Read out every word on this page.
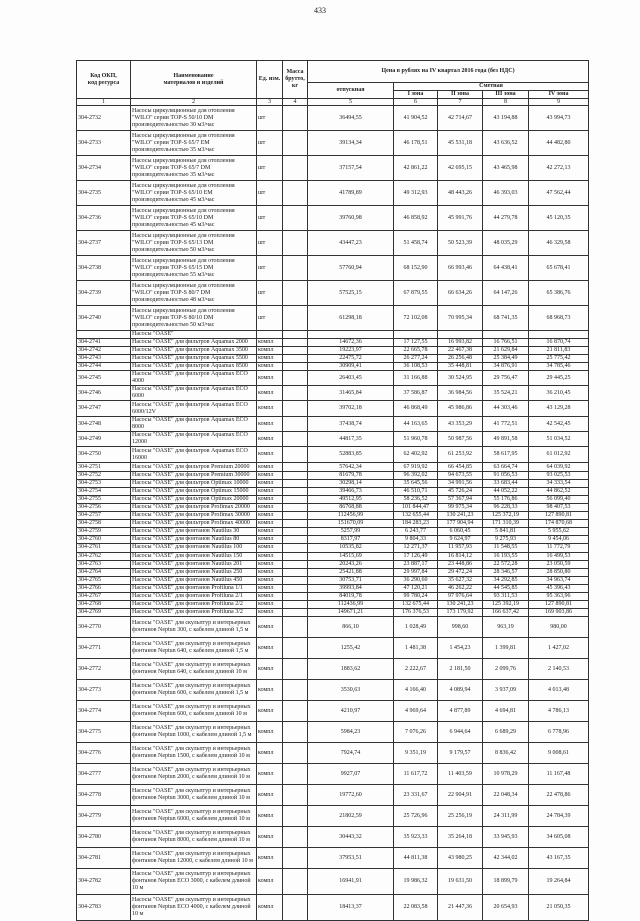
433
Код ОКП,
код ресурса	Наименование
материалов и изделий	Ед. изм.	Масса брутто, кг	Цена в рублях на IV квартал 2016 года (без НДС)				
				отпускная	Сметная			
					I зона	II зона	III зона	IV зона
1	2	3	4	5	6	7	8	9
304-2732	Насосы циркуляционные для отопления "WILO" серии TOP-S 50/10 DM производительностью 30 м3/час	шт		36494,55	41 904,52	42 714,67	43 194,88	43 994,73
304-2733	Насосы циркуляционные для отопления "WILO" серии TOP-S 65/7 EM производительностью 35 м3/час	шт		39134,34	46 178,51	45 531,18	43 636,52	44 482,80
304-2734	Насосы циркуляционные для отопления "WILO" серии TOP-S 65/7 DM производительностью 35 м3/час	шт		37157,54	42 861,22	42 695,15	43 465,98	42 272,13
304-2735	Насосы циркуляционные для отопления "WILO" серии TOP-S 65/10 EM производительностью 45 м3/час	шт		41789,89	49 312,93	48 443,26	46 393,03	47 562,44
304-2736	Насосы циркуляционные для отопления "WILO" серии TOP-S 65/10 DM производительностью 45 м3/час	шт		39760,98	46 858,92	45 991,76	44 279,78	45 120,35
304-2737	Насосы циркуляционные для отопления "WILO" серии TOP-S 65/13 DM производительностью 50 м3/час	шт		43447,23	51 458,74	50 523,39	48 035,29	46 329,58
304-2738	Насосы циркуляционные для отопления "WILO" серии TOP-S 65/15 DM производительностью 55 м3/час	шт		57760,94	68 152,90	66 993,46	64 438,41	65 678,41
304-2739	Насосы циркуляционные для отопления "WILO" серии TOP-S 80/7 DM производительностью 48 м3/час	шт		57525,15	67 879,55	66 634,26	64 147,26	65 386,76
304-2740	Насосы циркуляционные для отопления "WILO" серии TOP-S 80/10 DM производительностью 50 м3/час	шт		61298,18	72 102,08	70 995,34	68 741,35	68 968,73
	Насосы "OASE"							
304-2741	Насосы "OASE" для фильтров Aquamax 2000	компл		14672,36	17 127,55	16 993,82	16 766,51	16 870,74
304-2742	Насосы "OASE" для фильтров Aquamax 3500	компл		19223,97	22 665,78	22 467,38	21 629,84	21 811,83
304-2743	Насосы "OASE" для фильтров Aquamax 5500	компл		22475,72	26 277,24	26 256,48	25 384,49	25 775,42
304-2744	Насосы "OASE" для фильтров Aquamax 8500	компл		30909,41	36 108,53	35 448,81	34 876,91	34 785,46
304-2745	Насосы "OASE" для фильтров Aquamax ECO 4000	компл		26403,45	31 166,88	30 524,95	29 756,47	29 445,25
304-2746	Насосы "OASE" для фильтров Aquamax ECO 6000	компл		31465,84	37 586,87	36 984,56	35 524,21	36 210,45
304-2747	Насосы "OASE" для фильтров Aquamax ECO 6000/12V	компл		39702,18	46 868,49	45 986,86	44 303,46	43 129,28
304-2748	Насосы "OASE" для фильтров Aquamax ECO 8000	компл		37438,74	44 163,65	43 353,29	41 772,51	42 542,45
304-2749	Насосы "OASE" для фильтров Aquamax ECO 12000	компл		44817,35	51 960,78	50 987,56	49 891,58	51 034,52
304-2750	Насосы "OASE" для фильтров Aquamax ECO 16000	компл		52883,85	62 402,92	61 253,92	58 617,95	61 012,92
304-2751	Насосы "OASE" для фильтров Premium 20000	компл		57642,34	67 919,92	66 454,85	63 664,74	64 039,92
304-2752	Насосы "OASE" для фильтров Premium 30000	компл		81679,78	96 392,02	94 673,55	91 056,53	93 025,53
304-2753	Насосы "OASE" для фильтров Optimax 10000	компл		30298,14	35 645,56	34 991,56	33 683,44	34 333,54
304-2754	Насосы "OASE" для фильтров Optimax 15000	компл		39466,73	46 510,71	45 726,24	44 052,22	44 862,52
304-2755	Насосы "OASE" для фильтров Optimax 20000	компл		49512,95	58 236,52	57 367,94	55 176,86	56 099,40
304-2756	Насосы "OASE" для фильтров Profimax 20000	компл		86768,88	101 844,47	99 975,34	96 228,33	98 407,53
304-2757	Насосы "OASE" для фильтров Profimax 30000	компл		112456,99	132 655,44	130 241,23	125 372,19	127 890,81
304-2758	Насосы "OASE" для фильтров Profimax 40000	компл		151670,09	184 283,23	177 904,94	171 310,39	174 870,68
304-2759	Насосы "OASE" для фонтанов Nautilus 30	компл		5257,99	6 243,77	6 060,45	5 841,81	5 955,62
304-2760	Насосы "OASE" для фонтанов Nautilus 80	компл		8317,97	9 804,33	9 624,97	9 275,93	9 454,06
304-2761	Насосы "OASE" для фонтанов Nautilus 100	компл		10535,82	12 271,37	11 957,93	11 548,55	11 772,79
304-2762	Насосы "OASE" для фонтанов Nautilus 150	компл		14515,69	17 126,49	16 814,12	16 193,55	16 499,53
304-2763	Насосы "OASE" для фонтанов Nautilus 201	компл		20243,26	23 887,17	23 448,86	22 572,28	23 050,59
304-2764	Насосы "OASE" для фонтанов Nautilus 250	компл		25421,88	29 997,84	29 472,24	28 346,57	28 850,80
304-2765	Насосы "OASE" для фонтанов Nautilus 450	компл		30753,71	36 290,60	35 627,32	34 292,85	34 963,74
304-2766	Насосы "OASE" для фонтанов Profiluna 1/1	компл		39993,84	47 120,21	46 262,22	44 545,85	45 396,43
304-2767	Насосы "OASE" для фонтанов Profiluna 2/1	компл		84019,78	99 780,24	97 976,64	93 311,53	95 363,96
304-2768	Насосы "OASE" для фонтанов Profiluna 2/2	компл		112436,99	132 675,44	130 241,23	125 392,19	127 890,81
304-2769	Насосы "OASE" для фонтанов Profiluna 3/2	компл		149671,21	176 376,53	173 179,92	166 637,42	169 903,86
304-2770	Насосы "OASE" для скульптур и интерьерных фонтанов Neptun 300, с кабелем длиной 1,5 м	компл		866,10	1 028,49	998,60	963,19	980,00
304-2771	Насосы "OASE" для скульптур и интерьерных фонтанов Neptun 640, с кабелем длиной 1,5 м	компл		1255,42	1 481,38	1 454,23	1 399,81	1 427,02
304-2772	Насосы "OASE" для скульптур и интерьерных фонтанов Neptun 640, с кабелем длиной 10 м	компл		1883,62	2 222,67	2 181,50	2 099,76	2 140,53
304-2773	Насосы "OASE" для скульптур и интерьерных фонтанов Neptun 600, с кабелем длиной 1,5 м	компл		3530,63	4 166,40	4 089,94	3 937,09	4 013,48
304-2774	Насосы "OASE" для скульптур и интерьерных фонтанов Neptun 600, с кабелем длиной 10 м	компл		4210,97	4 969,64	4 877,89	4 694,81	4 786,13
304-2775	Насосы "OASE" для скульптур и интерьерных фонтанов Neptun 1000, с кабелем длиной 1,5 м	компл		5984,23	7 076,26	6 944,64	6 689,29	6 778,96
304-2776	Насосы "OASE" для скульптур и интерьерных фонтанов Neptun 1500, с кабелем длиной 10 м	компл		7924,74	9 351,19	9 179,57	8 836,42	9 008,61
304-2777	Насосы "OASE" для скульптур и интерьерных фонтанов Neptun 2000, с кабелем длиной 10 м	компл		9927,07	11 617,72	11 403,59	10 978,29	11 167,48
304-2778	Насосы "OASE" для скульптур и интерьерных фонтанов Neptun 3000, с кабелем длиной 10 м	компл		19772,60	23 331,67	22 904,91	22 048,34	22 478,86
304-2779	Насосы "OASE" для скульптур и интерьерных фонтанов Neptun 6000, с кабелем длиной 10 м	компл		21802,59	25 726,96	25 256,19	24 311,99	24 784,39
304-2780	Насосы "OASE" для скульптур и интерьерных фонтанов Neptun 8000, с кабелем длиной 10 м	компл		30443,32	35 923,33	35 264,18	33 945,93	34 605,08
304-2781	Насосы "OASE" для скульптур и интерьерных фонтанов Neptun 12000, с кабелем длиной 10 м	компл		37953,51	44 811,38	43 980,25	42 344,02	43 167,35
304-2782	Насосы "OASE" для скульптур и интерьерных фонтанов Neptun ECO 3000, с кабелем длиной 10 м	компл		16941,91	19 986,32	19 631,50	18 899,79	19 264,84
304-2783	Насосы "OASE" для скульптур и интерьерных фонтанов Neptun ECO 4000, с кабелем длиной 10 м	компл		18413,37	22 083,58	21 447,36	20 654,93	21 050,35
